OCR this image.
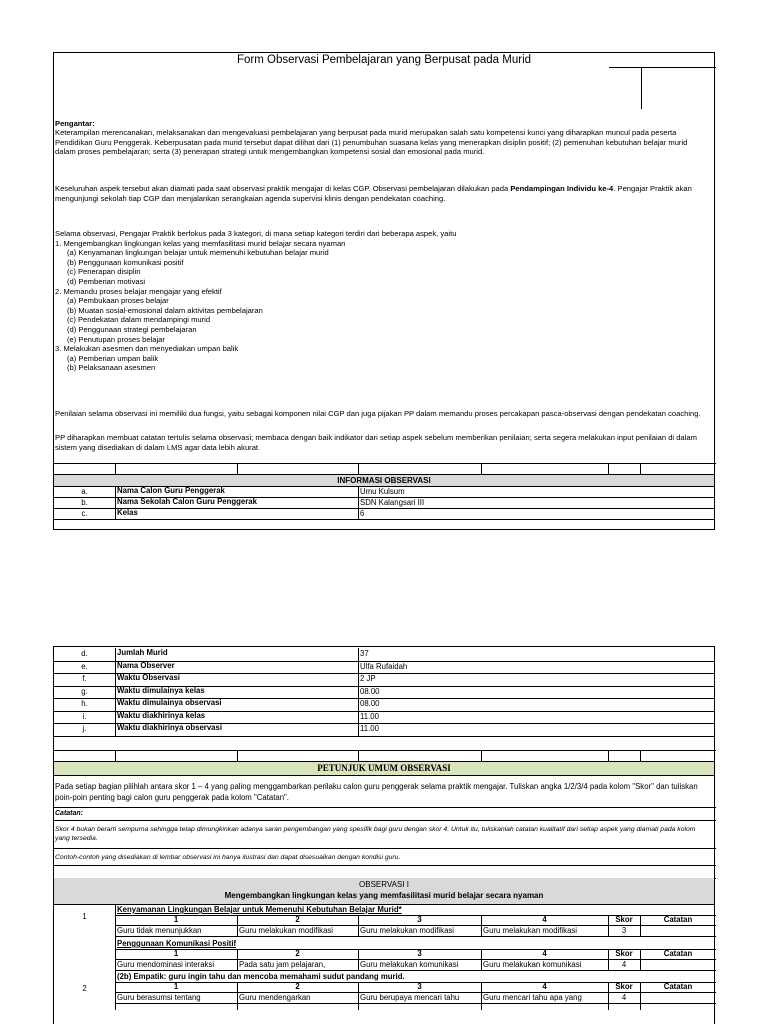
Form Observasi Pembelajaran yang Berpusat pada Murid
Pengantar:
Keterampilan merencanakan, melaksanakan dan mengevaluasi pembelajaran yang berpusat pada murid merupakan salah satu kompetensi kunci yang diharapkan muncul pada peserta Pendidikan Guru Penggerak. Keberpusatan pada murid tersebut dapat dilihat dari (1) penumbuhan suasana kelas yang menerapkan disiplin positif; (2) pemenuhan kebutuhan belajar murid dalam proses pembelajaran; serta (3) penerapan strategi untuk mengembangkan kompetensi sosial dan emosional pada murid.
Keseluruhan aspek tersebut akan diamati pada saat observasi praktik mengajar di kelas CGP. Observasi pembelajaran dilakukan pada Pendampingan Individu ke-4. Pengajar Praktik akan mengunjungi sekolah tiap CGP dan menjalankan serangkaian agenda supervisi klinis dengan pendekatan coaching.
Selama observasi, Pengajar Praktik berfokus pada 3 kategori, di mana setiap kategori terdiri dari beberapa aspek, yaitu
1. Mengembangkan lingkungan kelas yang memfasilitasi murid belajar secara nyaman
(a) Kenyamanan lingkungan belajar untuk memenuhi kebutuhan belajar murid
(b) Penggunaan komunikasi positif
(c) Penerapan disiplin
(d) Pemberian motivasi
2. Memandu proses belajar mengajar yang efektif
(a) Pembukaan proses belajar
(b) Muatan sosial-emosional dalam aktivitas pembelajaran
(c) Pendekatan dalam mendampingi murid
(d) Penggunaan strategi pembelajaran
(e) Penutupan proses belajar
3. Melakukan asesmen dan menyediakan umpan balik
(a) Pemberian umpan balik
(b) Pelaksanaan asesmen
Penilaian selama observasi ini memiliki dua fungsi, yaitu sebagai komponen nilai CGP dan juga pijakan PP dalam memandu proses percakapan pasca-observasi dengan pendekatan coaching.
PP diharapkan membuat catatan tertulis selama observasi; membaca dengan baik indikator dari setiap aspek sebelum memberikan penilaian; serta segera melakukan input penilaian di dalam sistem yang disediakan di dalam LMS agar data lebih akurat.
INFORMASI OBSERVASI
a.	Nama Calon Guru Penggerak	Umu Kulsum
b.	Nama Sekolah Calon Guru Penggerak	SDN Kalangsari III
c.	Kelas	6
d.	Jumlah Murid	37
e.	Nama Observer	Ulfa Rufaidah
f.	Waktu Observasi	2 JP
g.	Waktu dimulainya kelas	08.00
h.	Waktu dimulainya observasi	08.00
i.	Waktu diakhirinya kelas	11.00
j.	Waktu diakhirinya observasi	11.00
PETUNJUK UMUM OBSERVASI
Pada setiap bagian pilihlah antara skor 1 – 4 yang paling menggambarkan perilaku calon guru penggerak selama praktik mengajar. Tuliskan angka 1/2/3/4 pada kolom "Skor" dan tuliskan poin-poin penting bagi calon guru penggerak pada kolom "Catatan".
Catatan:
Skor 4 bukan berarti sempurna sehingga tetap dimungkinkan adanya saran pengembangan yang spesifik bagi guru dengan skor 4. Untuk itu, tuliskanlah catatan kualitatif dari setiap aspek yang diamati pada kolom yang tersedia.
Contoh-contoh yang disediakan di lembar observasi ini hanya ilustrasi dan dapat disesuaikan dengan kondisi guru.
OBSERVASI I
Mengembangkan lingkungan kelas yang memfasilitasi murid belajar secara nyaman
1
Kenyamanan Lingkungan Belajar untuk Memenuhi Kebutuhan Belajar Murid*
1	2	3	4	Skor	Catatan
Guru tidak menunjukkan	Guru melakukan modifikasi	Guru melakukan modifikasi	Guru melakukan modifikasi	3
Penggunaan Komunikasi Positif
1	2	3	4	Skor	Catatan
Guru mendominasi interaksi	Pada satu jam pelajaran,	Guru melakukan komunikasi	Guru melakukan komunikasi	4
2
(2b) Empatik: guru ingin tahu dan mencoba memahami sudut pandang murid.
1	2	3	4	Skor	Catatan
Guru berasumsi tentang	Guru mendengarkan	Guru berupaya mencari tahu	Guru mencari tahu apa yang	4
